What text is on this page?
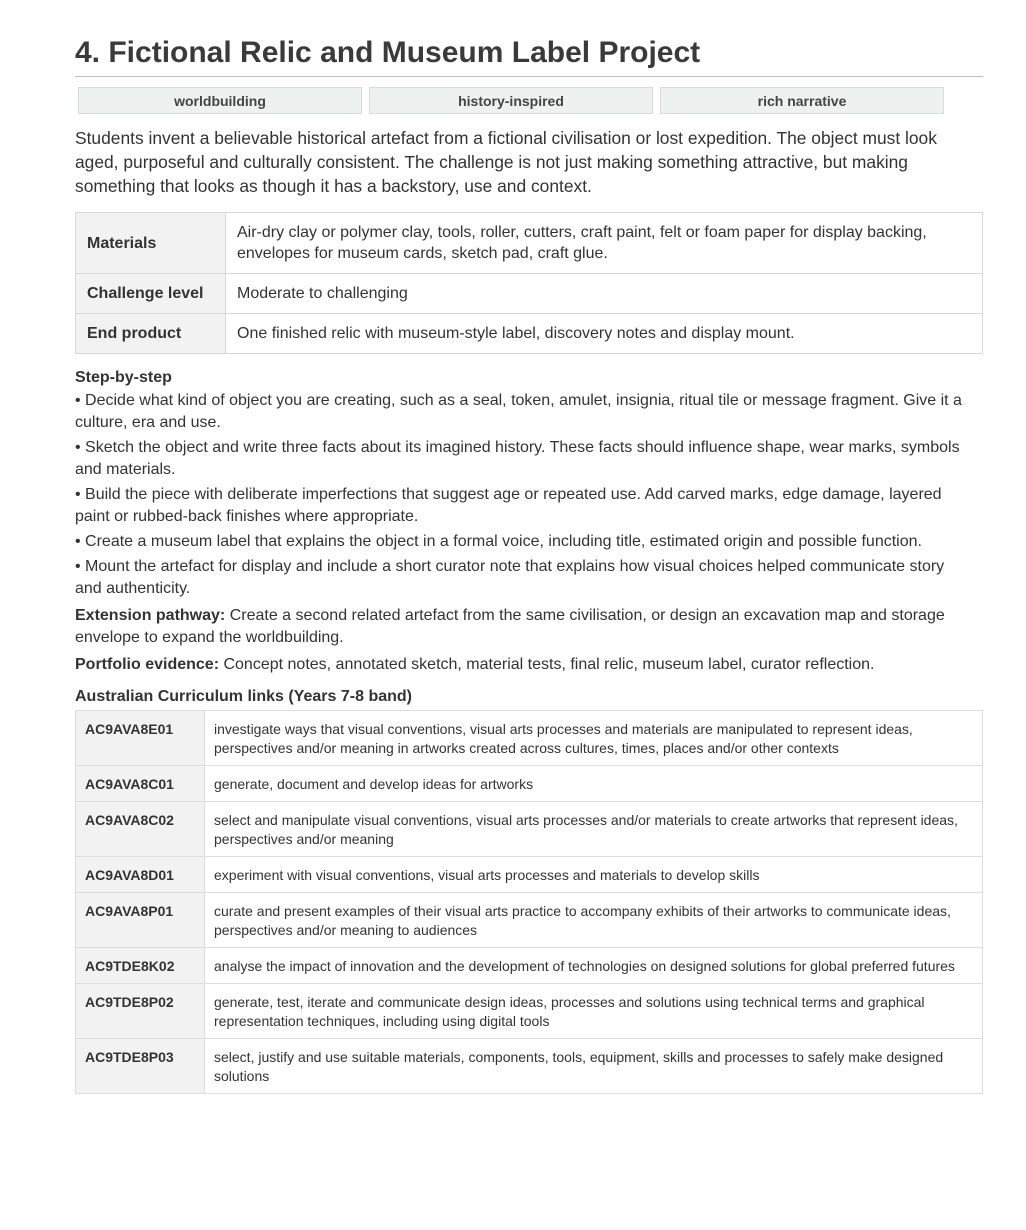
4. Fictional Relic and Museum Label Project
worldbuilding	history-inspired	rich narrative

Students invent a believable historical artefact from a fictional civilisation or lost expedition. The object must look aged, purposeful and culturally consistent. The challenge is not just making something attractive, but making something that looks as though it has a backstory, use and context.

Materials	Air-dry clay or polymer clay, tools, roller, cutters, craft paint, felt or foam paper for display backing, envelopes for museum cards, sketch pad, craft glue.
Challenge level	Moderate to challenging
End product	One finished relic with museum-style label, discovery notes and display mount.
Step-by-step
• Decide what kind of object you are creating, such as a seal, token, amulet, insignia, ritual tile or message fragment. Give it a culture, era and use.
• Sketch the object and write three facts about its imagined history. These facts should influence shape, wear marks, symbols and materials.
• Build the piece with deliberate imperfections that suggest age or repeated use. Add carved marks, edge damage, layered paint or rubbed-back finishes where appropriate.
• Create a museum label that explains the object in a formal voice, including title, estimated origin and possible function.
• Mount the artefact for display and include a short curator note that explains how visual choices helped communicate story and authenticity.
Extension pathway: Create a second related artefact from the same civilisation, or design an excavation map and storage envelope to expand the worldbuilding.
Portfolio evidence: Concept notes, annotated sketch, material tests, final relic, museum label, curator reflection.
Australian Curriculum links (Years 7-8 band)
AC9AVA8E01	investigate ways that visual conventions, visual arts processes and materials are manipulated to represent ideas, perspectives and/or meaning in artworks created across cultures, times, places and/or other contexts
AC9AVA8C01	generate, document and develop ideas for artworks
AC9AVA8C02	select and manipulate visual conventions, visual arts processes and/or materials to create artworks that represent ideas, perspectives and/or meaning
AC9AVA8D01	experiment with visual conventions, visual arts processes and materials to develop skills
AC9AVA8P01	curate and present examples of their visual arts practice to accompany exhibits of their artworks to communicate ideas, perspectives and/or meaning to audiences
AC9TDE8K02	analyse the impact of innovation and the development of technologies on designed solutions for global preferred futures
AC9TDE8P02	generate, test, iterate and communicate design ideas, processes and solutions using technical terms and graphical representation techniques, including using digital tools
AC9TDE8P03	select, justify and use suitable materials, components, tools, equipment, skills and processes to safely make designed solutions
